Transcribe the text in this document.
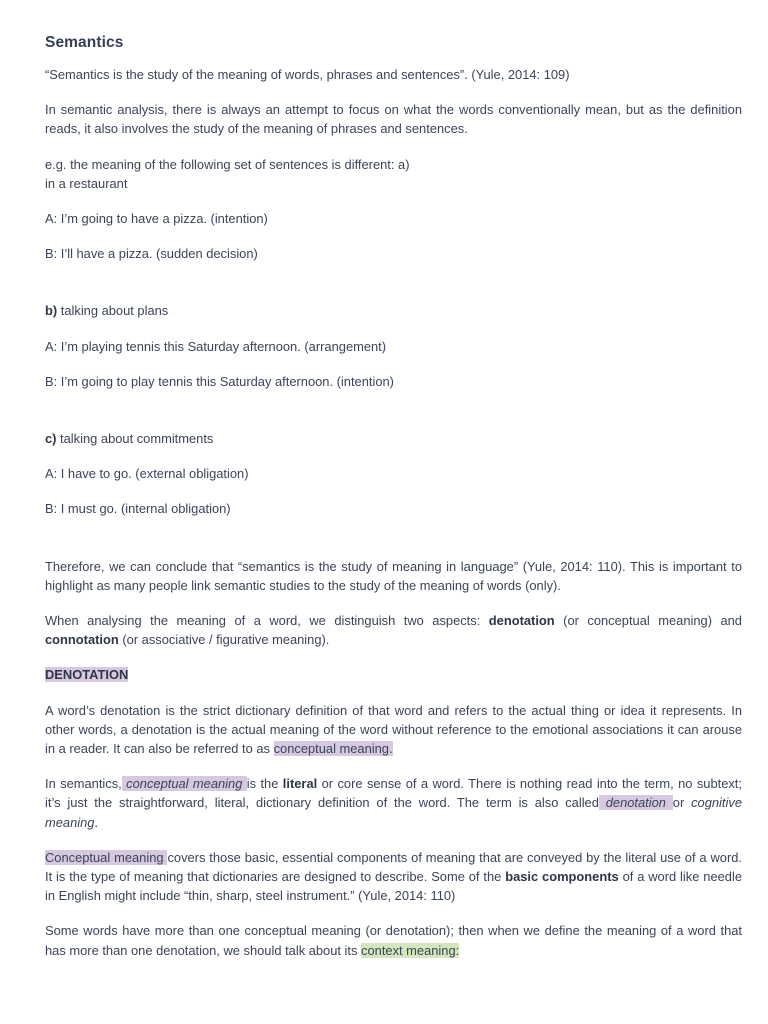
Semantics

“Semantics is the study of the meaning of words, phrases and sentences”. (Yule, 2014: 109)

In semantic analysis, there is always an attempt to focus on what the words conventionally mean, but as the definition reads, it also involves the study of the meaning of phrases and sentences.

e.g. the meaning of the following set of sentences is different: a)
in a restaurant

A: I’m going to have a pizza. (intention)

B: I’ll have a pizza. (sudden decision)

b) talking about plans

A: I’m playing tennis this Saturday afternoon. (arrangement)

B: I’m going to play tennis this Saturday afternoon. (intention)

c) talking about commitments

A: I have to go. (external obligation)

B: I must go. (internal obligation)

Therefore, we can conclude that “semantics is the study of meaning in language” (Yule, 2014: 110). This is important to highlight as many people link semantic studies to the study of the meaning of words (only).

When analysing the meaning of a word, we distinguish two aspects: denotation (or conceptual meaning) and connotation (or associative / figurative meaning).

DENOTATION

A word’s denotation is the strict dictionary definition of that word and refers to the actual thing or idea it represents. In other words, a denotation is the actual meaning of the word without reference to the emotional associations it can arouse in a reader. It can also be referred to as conceptual meaning.

In semantics, conceptual meaning is the literal or core sense of a word. There is nothing read into the term, no subtext; it’s just the straightforward, literal, dictionary definition of the word. The term is also called denotation or cognitive meaning.

Conceptual meaning covers those basic, essential components of meaning that are conveyed by the literal use of a word. It is the type of meaning that dictionaries are designed to describe. Some of the basic components of a word like needle in English might include “thin, sharp, steel instrument.” (Yule, 2014: 110)

Some words have more than one conceptual meaning (or denotation); then when we define the meaning of a word that has more than one denotation, we should talk about its context meaning:
